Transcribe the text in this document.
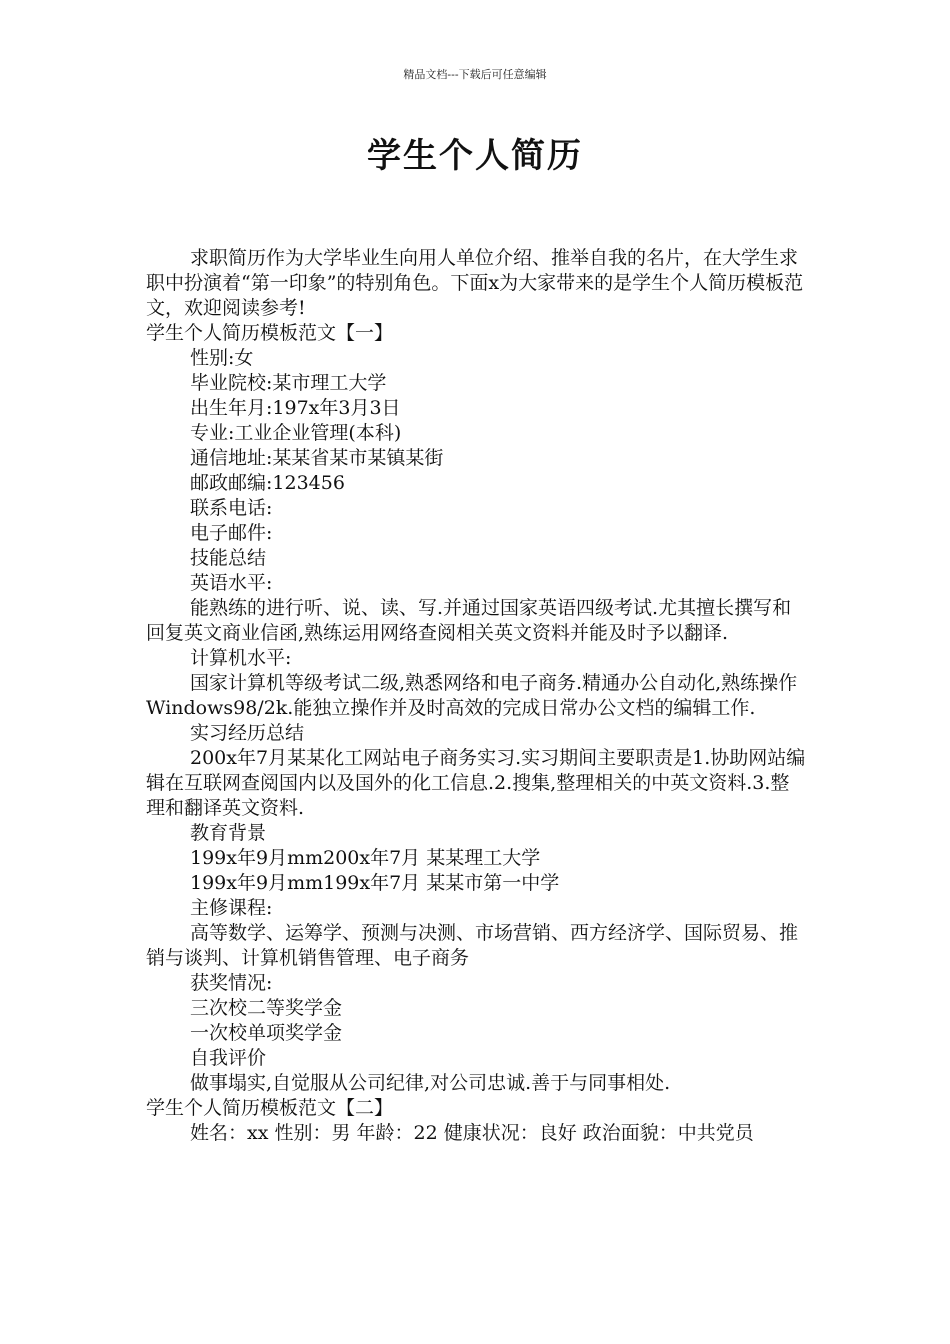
精品文档---下载后可任意编辑
学生个人简历

求职简历作为大学毕业生向用人单位介绍、推举自我的名片，在大学生求职中扮演着“第一印象”的特别角色。下面x为大家带来的是学生个人简历模板范文，欢迎阅读参考!

学生个人简历模板范文【一】

性别:女

毕业院校:某市理工大学

出生年月:197x年3月3日

专业:工业企业管理(本科)

通信地址:某某省某市某镇某街

邮政邮编:123456

联系电话:

电子邮件:

技能总结

英语水平:

能熟练的进行听、说、读、写.并通过国家英语四级考试.尤其擅长撰写和回复英文商业信函,熟练运用网络查阅相关英文资料并能及时予以翻译.

计算机水平:

国家计算机等级考试二级,熟悉网络和电子商务.精通办公自动化,熟练操作Windows98/2k.能独立操作并及时高效的完成日常办公文档的编辑工作.

实习经历总结

200x年7月某某化工网站电子商务实习.实习期间主要职责是1.协助网站编辑在互联网查阅国内以及国外的化工信息.2.搜集,整理相关的中英文资料.3.整理和翻译英文资料.

教育背景

199x年9月mm200x年7月 某某理工大学

199x年9月mm199x年7月 某某市第一中学

主修课程:

高等数学、运筹学、预测与决测、市场营销、西方经济学、国际贸易、推销与谈判、计算机销售管理、电子商务

获奖情况:

三次校二等奖学金

一次校单项奖学金

自我评价

做事塌实,自觉服从公司纪律,对公司忠诚.善于与同事相处.

学生个人简历模板范文【二】

姓名：xx 性别：男 年龄：22 健康状况：良好 政治面貌：中共党员
